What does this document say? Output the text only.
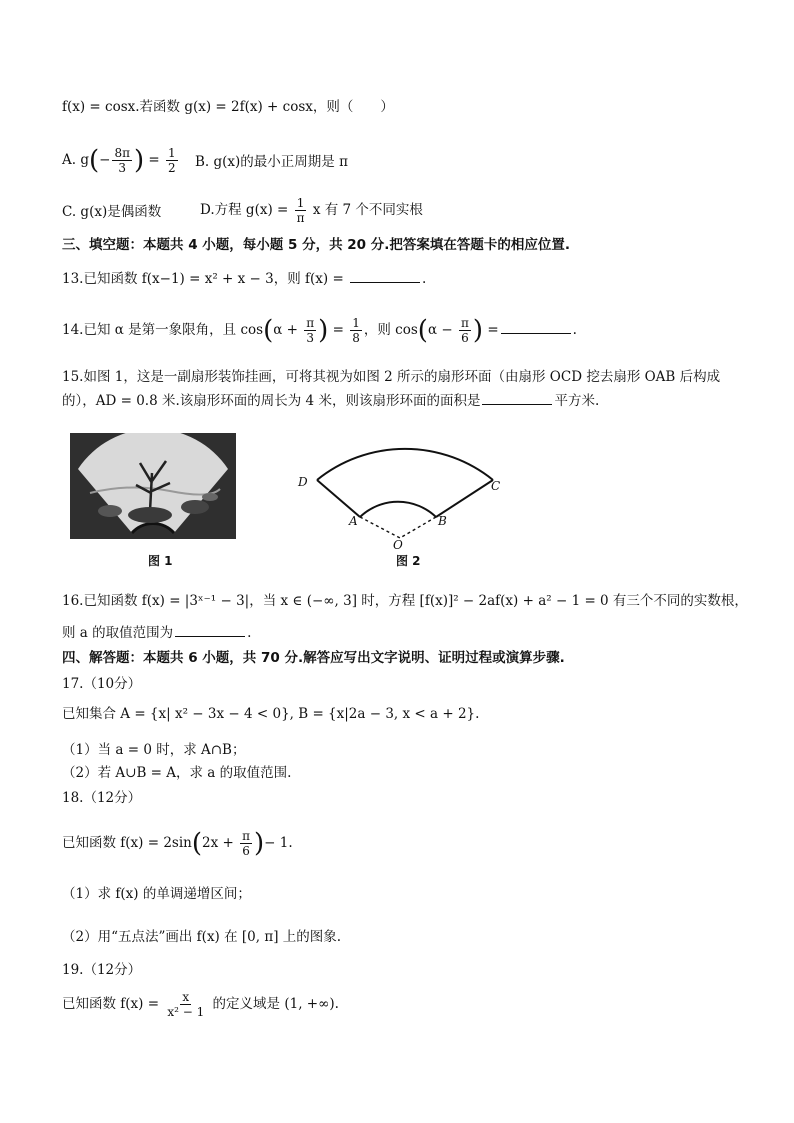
f(x) = cosx.若函数 g(x) = 2f(x) + cosx，则（　　）
A. $g(- \frac{8\pi}{3}$ ) = $\frac{1}{2} B$. g(x)的最小正周期是 π
C. g(x)是偶函数	D.方程 $g(x) = \frac{1}{\pi}$ x 有 7 个不同实根
三、填空题：本题共 4 小题，每小题 5 分，共 20 分.把答案填在答题卡的相应位置.
13.已知函数 f(x−1) = x² + x − 3，则 f(x) =	.
14.已知 α 是第一象限角，且 $\cos(\alpha + \frac{\pi}{3}$ ) = $\frac{1}{8}$ ，则 $\cos(\alpha - \frac{\pi}{6}$ ) =	.
15.如图 1，这是一副扇形装饰挂画，可将其视为如图 2 所示的扇形环面（由扇形 OCD 挖去扇形 OAB 后构成
的），AD = 0.8 米.该扇形环面的周长为 4 米，则该扇形环面的面积是	平方米.
图 1
D
A	B
C
O
图 2
16.已知函数 f(x) = |3ˣ⁻¹ − 3|，当 x ∈ (−∞, 3] 时，方程 [f(x)]² − 2af(x) + a² − 1 = 0 有三个不同的实数根，
则 a 的取值范围为	.
四、解答题：本题共 6 小题，共 70 分.解答应写出文字说明、证明过程或演算步骤.
17.（10分）
已知集合 A = {x| x² − 3x − 4 < 0}, B = {x|2a − 3, x < a + 2}.
（1）当 a = 0 时，求 A∩B；
（2）若 A∪B = A，求 a 的取值范围.
18.（12分）
已知函数 $f(x) = 2\sin(2x + \frac{\pi}{6}$ )− 1.
（1）求 f(x) 的单调递增区间；
（2）用“五点法”画出 f(x) 在 [0, π] 上的图象.
19.（12分）
已知函数 $f(x) = \frac{x}{\text{x² − 1}}$ 的定义域是 (1, +∞).
